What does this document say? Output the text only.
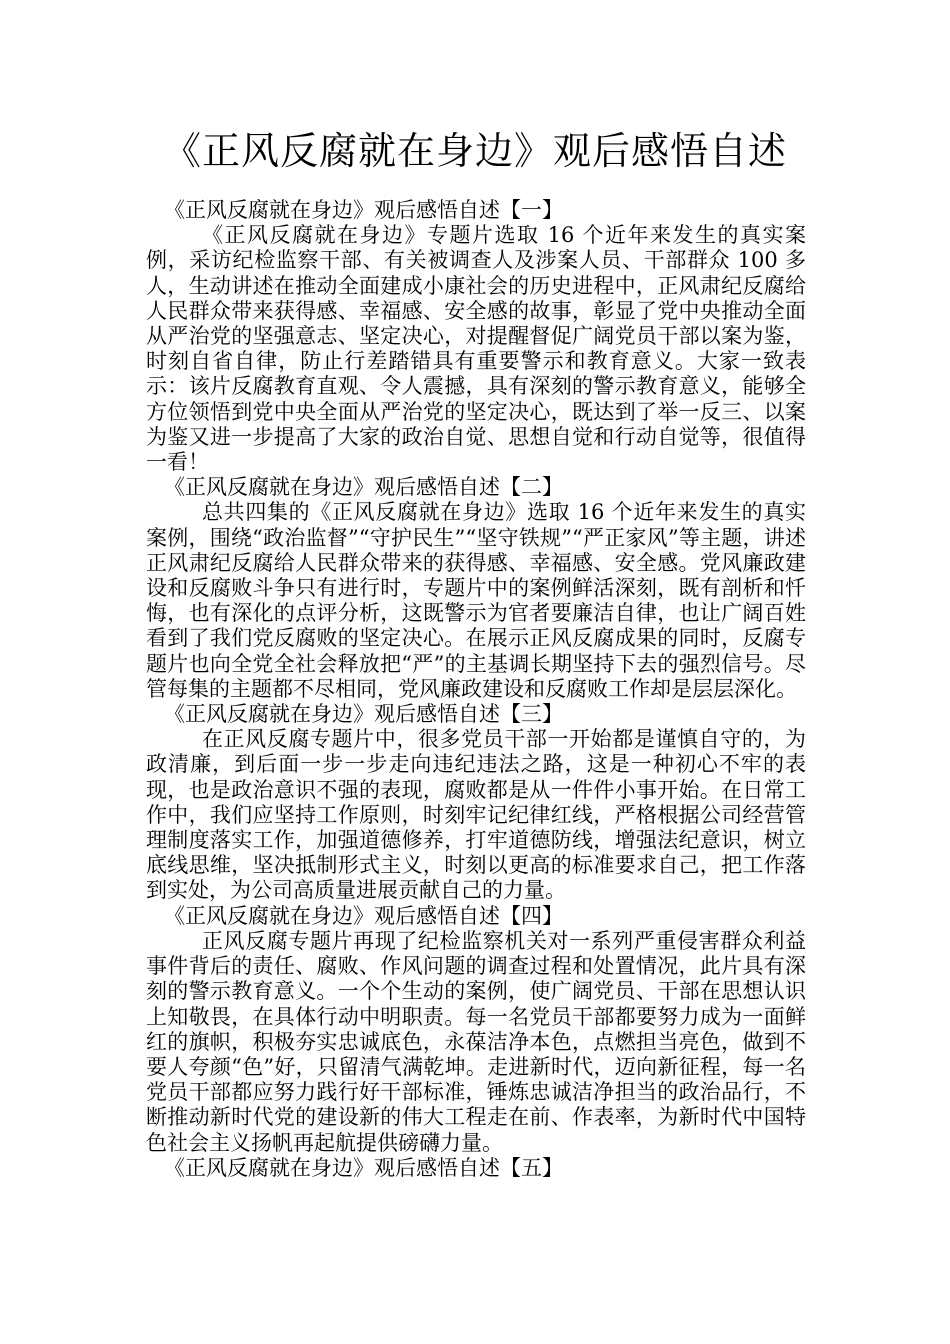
《正风反腐就在身边》观后感悟自述

《正风反腐就在身边》观后感悟自述【一】

《正风反腐就在身边》专题片选取 16 个近年来发生的真实案例，采访纪检监察干部、有关被调查人及涉案人员、干部群众 100 多人，生动讲述在推动全面建成小康社会的历史进程中，正风肃纪反腐给人民群众带来获得感、幸福感、安全感的故事，彰显了党中央推动全面从严治党的坚强意志、坚定决心，对提醒督促广阔党员干部以案为鉴，时刻自省自律，防止行差踏错具有重要警示和教育意义。大家一致表示：该片反腐教育直观、令人震撼，具有深刻的警示教育意义，能够全方位领悟到党中央全面从严治党的坚定决心，既达到了举一反三、以案为鉴又进一步提高了大家的政治自觉、思想自觉和行动自觉等，很值得一看！

《正风反腐就在身边》观后感悟自述【二】

总共四集的《正风反腐就在身边》选取 16 个近年来发生的真实案例，围绕“政治监督”“守护民生”“坚守铁规”“严正家风”等主题，讲述正风肃纪反腐给人民群众带来的获得感、幸福感、安全感。党风廉政建设和反腐败斗争只有进行时，专题片中的案例鲜活深刻，既有剖析和忏悔，也有深化的点评分析，这既警示为官者要廉洁自律，也让广阔百姓看到了我们党反腐败的坚定决心。在展示正风反腐成果的同时，反腐专题片也向全党全社会释放把“严”的主基调长期坚持下去的强烈信号。尽管每集的主题都不尽相同，党风廉政建设和反腐败工作却是层层深化。

《正风反腐就在身边》观后感悟自述【三】

在正风反腐专题片中，很多党员干部一开始都是谨慎自守的，为政清廉，到后面一步一步走向违纪违法之路，这是一种初心不牢的表现，也是政治意识不强的表现，腐败都是从一件件小事开始。在日常工作中，我们应坚持工作原则，时刻牢记纪律红线，严格根据公司经营管理制度落实工作，加强道德修养，打牢道德防线，增强法纪意识，树立底线思维，坚决抵制形式主义，时刻以更高的标准要求自己，把工作落到实处，为公司高质量进展贡献自己的力量。

《正风反腐就在身边》观后感悟自述【四】

正风反腐专题片再现了纪检监察机关对一系列严重侵害群众利益事件背后的责任、腐败、作风问题的调查过程和处置情况，此片具有深刻的警示教育意义。一个个生动的案例，使广阔党员、干部在思想认识上知敬畏，在具体行动中明职责。每一名党员干部都要努力成为一面鲜红的旗帜，积极夯实忠诚底色，永葆洁净本色，点燃担当亮色，做到不要人夸颜“色”好，只留清气满乾坤。走进新时代，迈向新征程，每一名党员干部都应努力践行好干部标准，锤炼忠诚洁净担当的政治品行，不断推动新时代党的建设新的伟大工程走在前、作表率，为新时代中国特色社会主义扬帆再起航提供磅礴力量。

《正风反腐就在身边》观后感悟自述【五】
